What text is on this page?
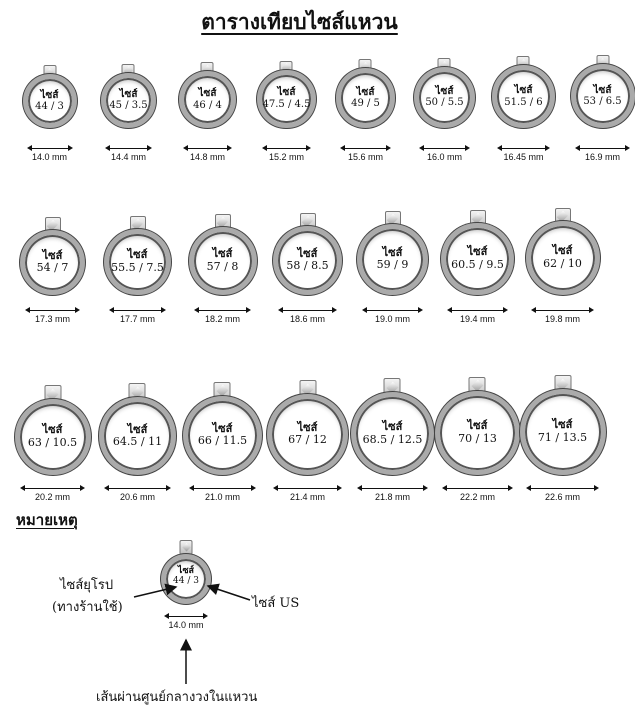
ตารางเทียบไซส์แหวน
ไซส์
44 / 3
14.0 mm
ไซส์
45 / 3.5
14.4 mm
ไซส์
46 / 4
14.8 mm
ไซส์
47.5 / 4.5
15.2 mm
ไซส์
49 / 5
15.6 mm
ไซส์
50 / 5.5
16.0 mm
ไซส์
51.5 / 6
16.45 mm
ไซส์
53 / 6.5
16.9 mm
ไซส์
54 / 7
17.3 mm
ไซส์
55.5 / 7.5
17.7 mm
ไซส์
57 / 8
18.2 mm
ไซส์
58 / 8.5
18.6 mm
ไซส์
59 / 9
19.0 mm
ไซส์
60.5 / 9.5
19.4 mm
ไซส์
62 / 10
19.8 mm
ไซส์
63 / 10.5
20.2 mm
ไซส์
64.5 / 11
20.6 mm
ไซส์
66 / 11.5
21.0 mm
ไซส์
67 / 12
21.4 mm
ไซส์
68.5 / 12.5
21.8 mm
ไซส์
70 / 13
22.2 mm
ไซส์
71 / 13.5
22.6 mm
หมายเหตุ
ไซส์
44 / 3
14.0 mm
ไซส์ยุโรป
(ทางร้านใช้)	ไซส์ US
เส้นผ่านศูนย์กลางวงในแหวน
